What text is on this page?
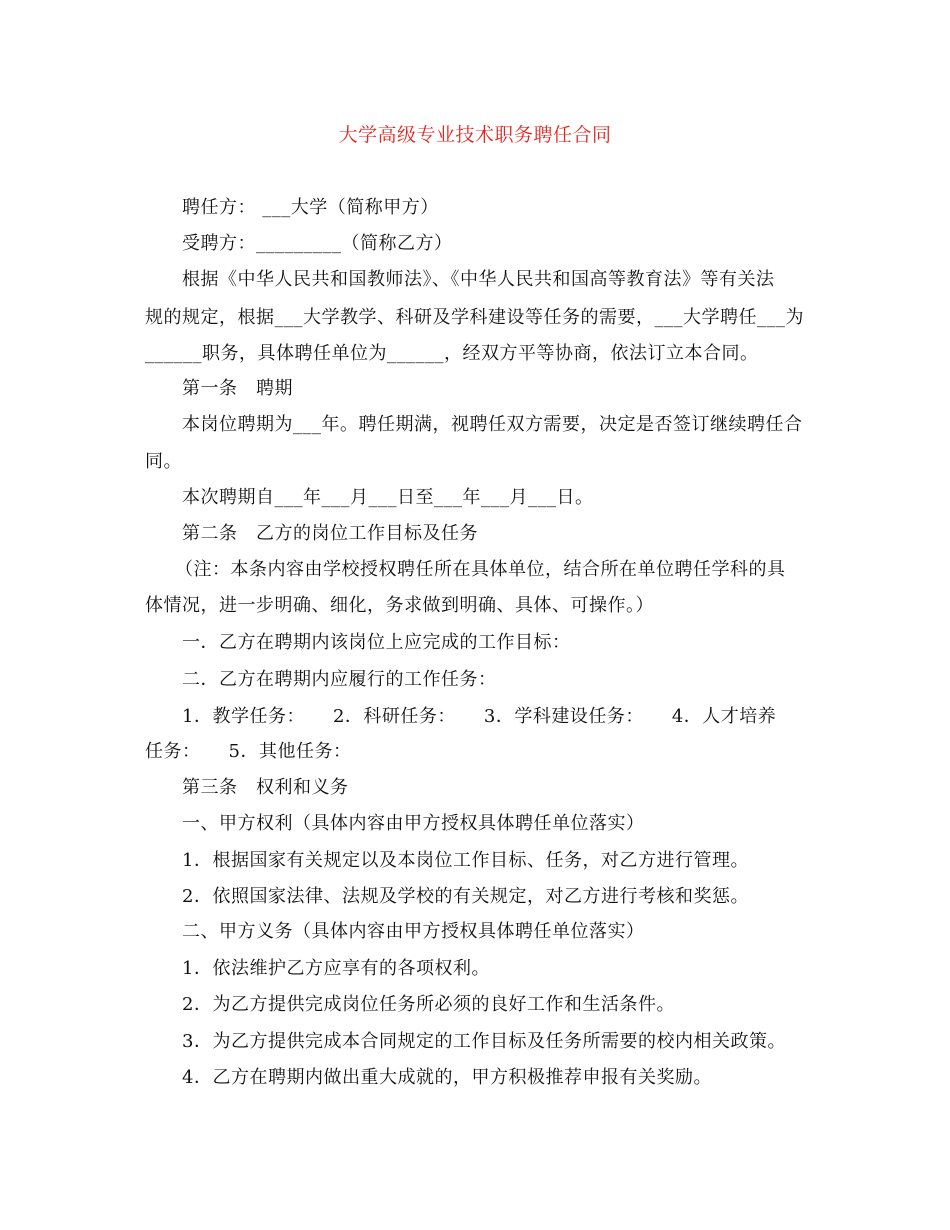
大学高级专业技术职务聘任合同
聘任方： ___大学（简称甲方）
受聘方：_________（简称乙方）
根据《中华人民共和国教师法》、《中华人民共和国高等教育法》等有关法
规的规定，根据___大学教学、科研及学科建设等任务的需要，___大学聘任___为
______职务，具体聘任单位为______，经双方平等协商，依法订立本合同。
第一条　聘期
本岗位聘期为___年。聘任期满，视聘任双方需要，决定是否签订继续聘任合
同。
本次聘期自___年___月___日至___年___月___日。
第二条　乙方的岗位工作目标及任务
（注：本条内容由学校授权聘任所在具体单位，结合所在单位聘任学科的具
体情况，进一步明确、细化，务求做到明确、具体、可操作。）
一．乙方在聘期内该岗位上应完成的工作目标：
二．乙方在聘期内应履行的工作任务：
1．教学任务：　　2．科研任务：　　3．学科建设任务：　　4．人才培养
任务：　　5．其他任务：
第三条　权利和义务
一、甲方权利（具体内容由甲方授权具体聘任单位落实）
1．根据国家有关规定以及本岗位工作目标、任务，对乙方进行管理。
2．依照国家法律、法规及学校的有关规定，对乙方进行考核和奖惩。
二、甲方义务（具体内容由甲方授权具体聘任单位落实）
1．依法维护乙方应享有的各项权利。
2．为乙方提供完成岗位任务所必须的良好工作和生活条件。
3．为乙方提供完成本合同规定的工作目标及任务所需要的校内相关政策。
4．乙方在聘期内做出重大成就的，甲方积极推荐申报有关奖励。
